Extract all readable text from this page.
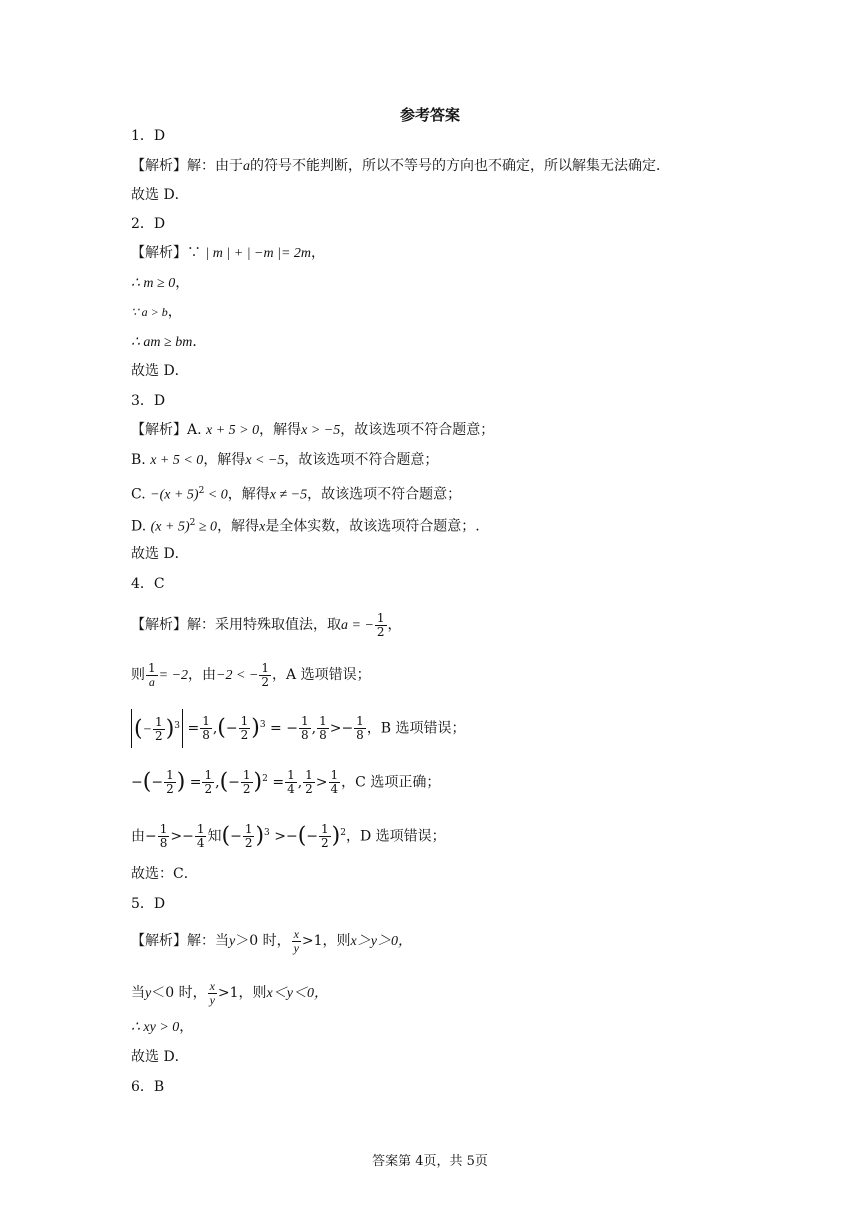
参考答案
1．D
【解析】解：由于a的符号不能判断，所以不等号的方向也不确定，所以解集无法确定．
故选 D．
2．D
【解析】∵ | m | + | −m |= 2m，
∴ m ≥ 0，
∵ a > b，
∴ am ≥ bm．
故选 D．
3．D
【解析】A. x + 5 > 0，解得x > −5，故该选项不符合题意；
B. x + 5 < 0，解得x < −5，故该选项不符合题意；
C. $-(x + 5)^2 < 0$，解得x ≠ −5，故该选项不符合题意；
D. $(x + 5)^2 \ge 0$，解得x是全体实数，故该选项符合题意；.
故选 D．
4．C
【解析】解：采用特殊取值法，取a = − $\frac{1}{2}$ ，
则 $\frac{1}{a} = -2$，由−2 < − $\frac{1}{2}$ ，A 选项错误；
(− $\frac{1}{2} )^3 = \frac{1}{8}$ ,(− $\frac{1}{2} )^3$ = − $\frac{1}{8}$ , $\frac{1}{8} >- \frac{1}{8}$ ，B 选项错误；
−(− $\frac{1}{2}$ ) = $\frac{1}{2}$ ,(− $\frac{1}{2} )^2 = \frac{1}{4}$ , $\frac{1}{2} > \frac{1}{4}$ ，C 选项正确；
由− $\frac{1}{8} >- \frac{1}{4}$ 知(− $\frac{1}{2} )^3$ >−(− $\frac{1}{2} )^2$，D 选项错误；
故选：C．
5．D
【解析】解：当y＞0 时， $\frac{x}{y} >1$，则x＞y＞0，
当y＜0 时， $\frac{x}{y} >1$，则x＜y＜0，
∴ xy > 0，
故选 D．
6．B
答案第 4页，共 5页
